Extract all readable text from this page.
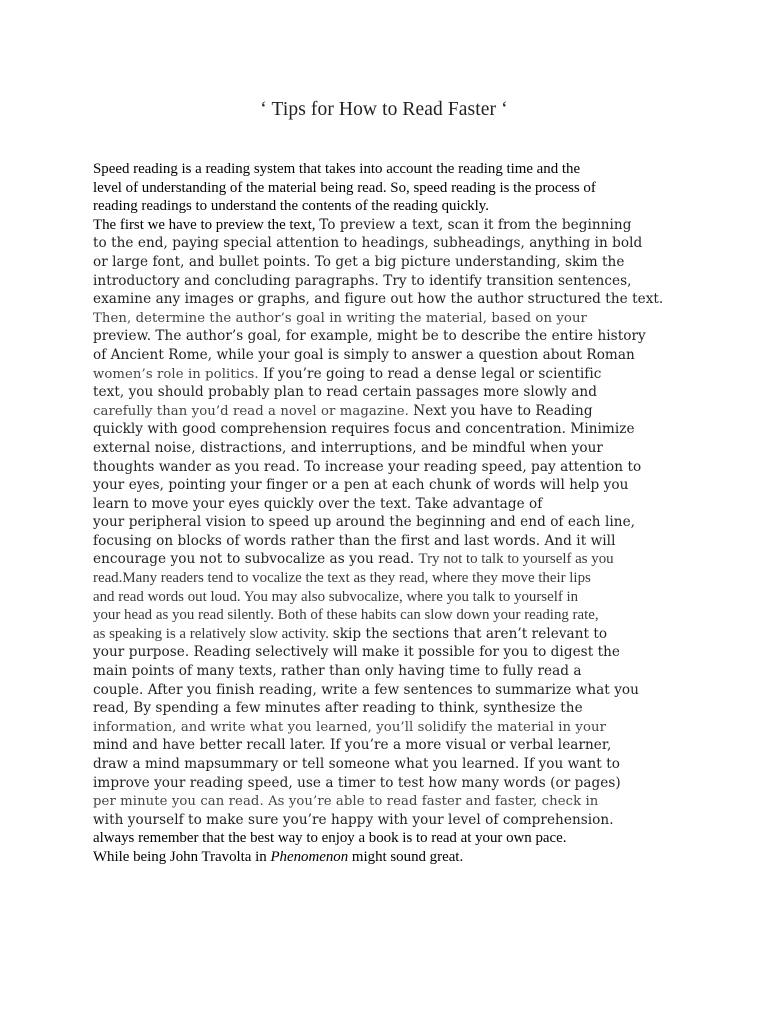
‘ Tips for How to Read Faster ‘
Speed reading is a reading system that takes into account the reading time and the
level of understanding of the material being read. So, speed reading is the process of
reading readings to understand the contents of the reading quickly.
The first we have to preview the text, To preview a text, scan it from the beginning
to the end, paying special attention to headings, subheadings, anything in bold
or large font, and bullet points. To get a big picture understanding, skim the
introductory and concluding paragraphs. Try to identify transition sentences,
examine any images or graphs, and figure out how the author structured the text.
Then, determine the author’s goal in writing the material, based on your
preview. The author’s goal, for example, might be to describe the entire history
of Ancient Rome, while your goal is simply to answer a question about Roman
women’s role in politics. If you’re going to read a dense legal or scientific
text, you should probably plan to read certain passages more slowly and
carefully than you’d read a novel or magazine. Next you have to Reading
quickly with good comprehension requires focus and concentration. Minimize
external noise, distractions, and interruptions, and be mindful when your
thoughts wander as you read. To increase your reading speed, pay attention to
your eyes, pointing your finger or a pen at each chunk of words will help you
learn to move your eyes quickly over the text. Take advantage of
your peripheral vision to speed up around the beginning and end of each line,
focusing on blocks of words rather than the first and last words. And it will
encourage you not to subvocalize as you read. Try not to talk to yourself as you
read.Many readers tend to vocalize the text as they read, where they move their lips
and read words out loud. You may also subvocalize, where you talk to yourself in
your head as you read silently. Both of these habits can slow down your reading rate,
as speaking is a relatively slow activity. skip the sections that aren’t relevant to
your purpose. Reading selectively will make it possible for you to digest the
main points of many texts, rather than only having time to fully read a
couple. After you finish reading, write a few sentences to summarize what you
read, By spending a few minutes after reading to think, synthesize the
information, and write what you learned, you’ll solidify the material in your
mind and have better recall later. If you’re a more visual or verbal learner,
draw a mind mapsummary or tell someone what you learned. If you want to
improve your reading speed, use a timer to test how many words (or pages)
per minute you can read. As you’re able to read faster and faster, check in
with yourself to make sure you’re happy with your level of comprehension.
always remember that the best way to enjoy a book is to read at your own pace.
While being John Travolta in Phenomenon might sound great.
